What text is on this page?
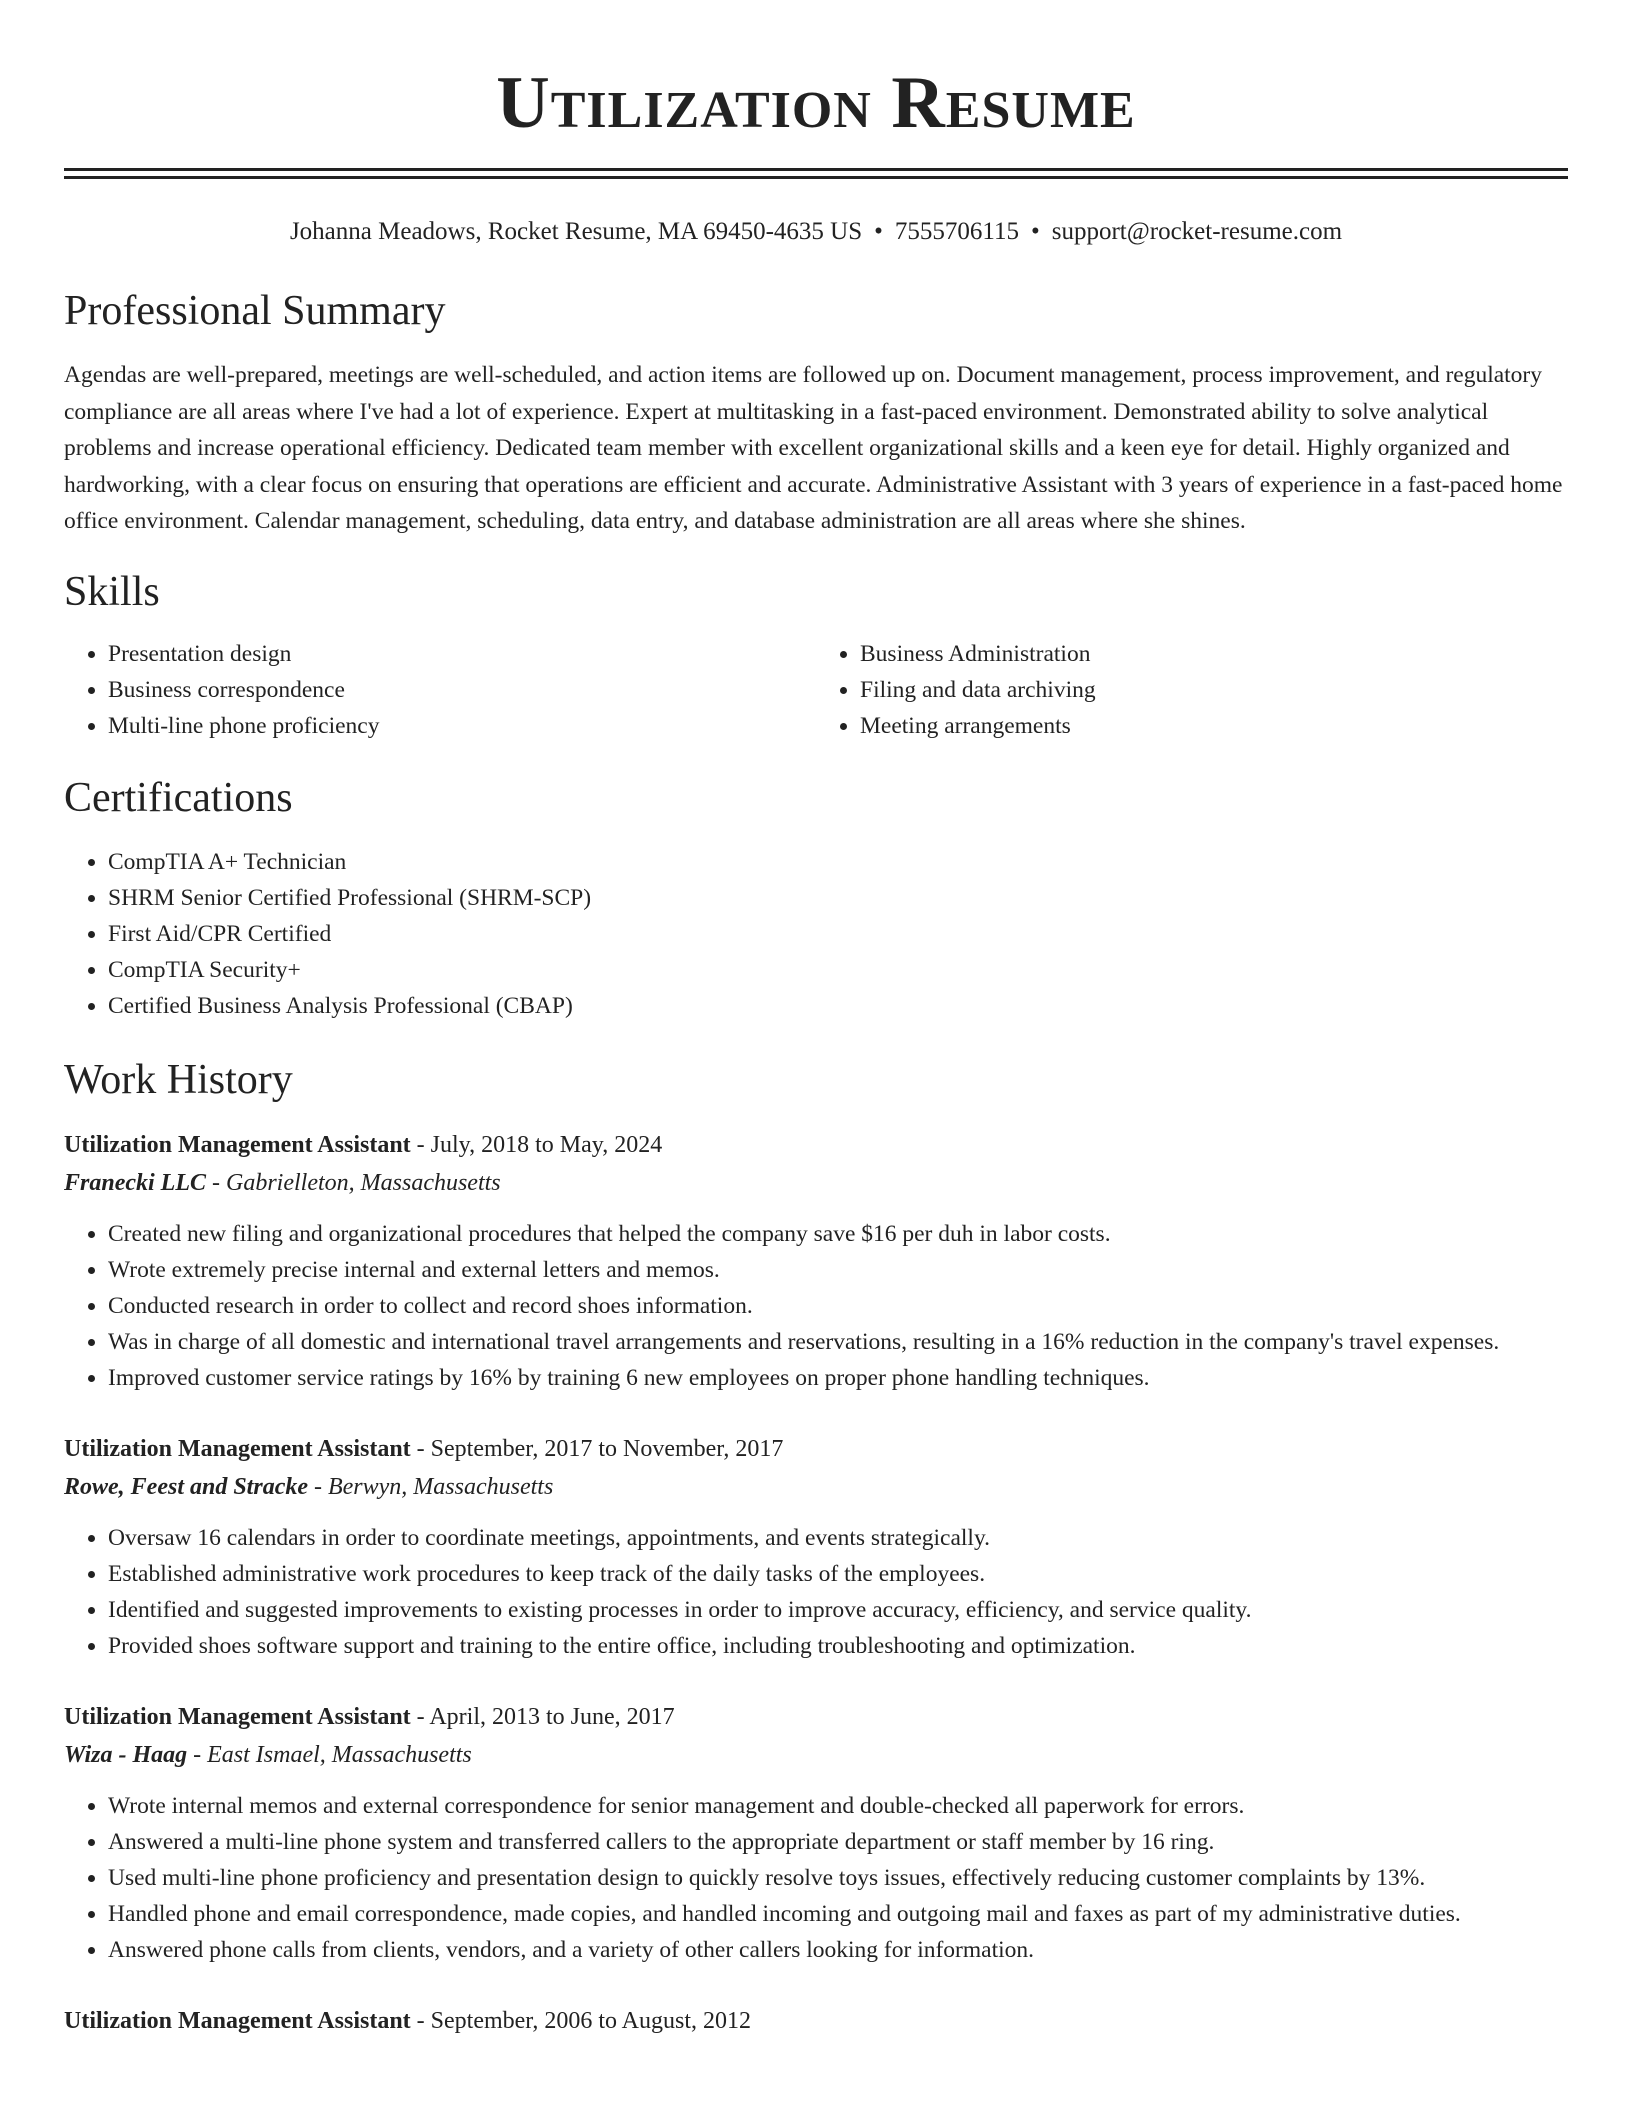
Utilization Resume
Johanna Meadows, Rocket Resume, MA 69450-4635 US • 7555706115 • support@rocket-resume.com
Professional Summary
Agendas are well-prepared, meetings are well-scheduled, and action items are followed up on. Document management, process improvement, and regulatory compliance are all areas where I've had a lot of experience. Expert at multitasking in a fast-paced environment. Demonstrated ability to solve analytical problems and increase operational efficiency. Dedicated team member with excellent organizational skills and a keen eye for detail. Highly organized and hardworking, with a clear focus on ensuring that operations are efficient and accurate. Administrative Assistant with 3 years of experience in a fast-paced home office environment. Calendar management, scheduling, data entry, and database administration are all areas where she shines.
Skills
• Presentation design
• Business correspondence
• Multi-line phone proficiency
• Business Administration
• Filing and data archiving
• Meeting arrangements
Certifications
• CompTIA A+ Technician
• SHRM Senior Certified Professional (SHRM-SCP)
• First Aid/CPR Certified
• CompTIA Security+
• Certified Business Analysis Professional (CBAP)
Work History
Utilization Management Assistant - July, 2018 to May, 2024
Franecki LLC - Gabrielleton, Massachusetts
• Created new filing and organizational procedures that helped the company save $16 per duh in labor costs.
• Wrote extremely precise internal and external letters and memos.
• Conducted research in order to collect and record shoes information.
• Was in charge of all domestic and international travel arrangements and reservations, resulting in a 16% reduction in the company's travel expenses.
• Improved customer service ratings by 16% by training 6 new employees on proper phone handling techniques.
Utilization Management Assistant - September, 2017 to November, 2017
Rowe, Feest and Stracke - Berwyn, Massachusetts
• Oversaw 16 calendars in order to coordinate meetings, appointments, and events strategically.
• Established administrative work procedures to keep track of the daily tasks of the employees.
• Identified and suggested improvements to existing processes in order to improve accuracy, efficiency, and service quality.
• Provided shoes software support and training to the entire office, including troubleshooting and optimization.
Utilization Management Assistant - April, 2013 to June, 2017
Wiza - Haag - East Ismael, Massachusetts
• Wrote internal memos and external correspondence for senior management and double-checked all paperwork for errors.
• Answered a multi-line phone system and transferred callers to the appropriate department or staff member by 16 ring.
• Used multi-line phone proficiency and presentation design to quickly resolve toys issues, effectively reducing customer complaints by 13%.
• Handled phone and email correspondence, made copies, and handled incoming and outgoing mail and faxes as part of my administrative duties.
• Answered phone calls from clients, vendors, and a variety of other callers looking for information.
Utilization Management Assistant - September, 2006 to August, 2012
